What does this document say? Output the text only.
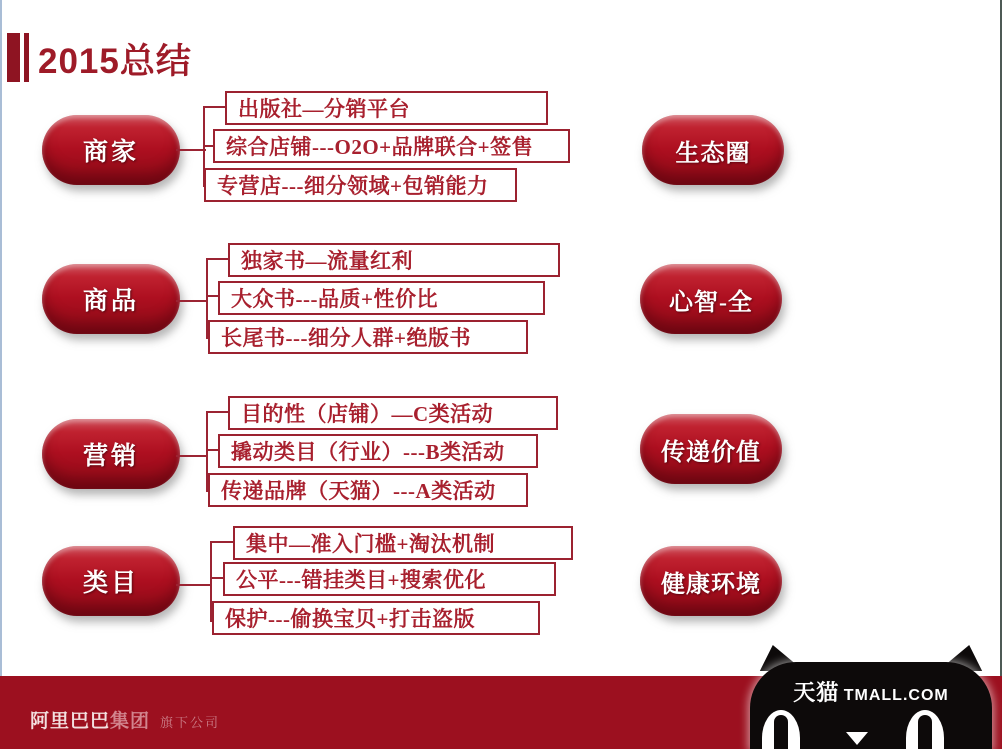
2015总结
商家
出版社—分销平台
综合店铺---O2O+品牌联合+签售
专营店---细分领域+包销能力
生态圈
商品
独家书—流量红利
大众书---品质+性价比
长尾书---细分人群+绝版书
心智-全
营销
目的性（店铺）—C类活动
撬动类目（行业）---B类活动
传递品牌（天猫）---A类活动
传递价值
类目
集中—准入门槛+淘汰机制
公平---错挂类目+搜索优化
保护---偷换宝贝+打击盗版
健康环境
阿里巴巴集团 旗下公司
天猫 TMALL.COM
